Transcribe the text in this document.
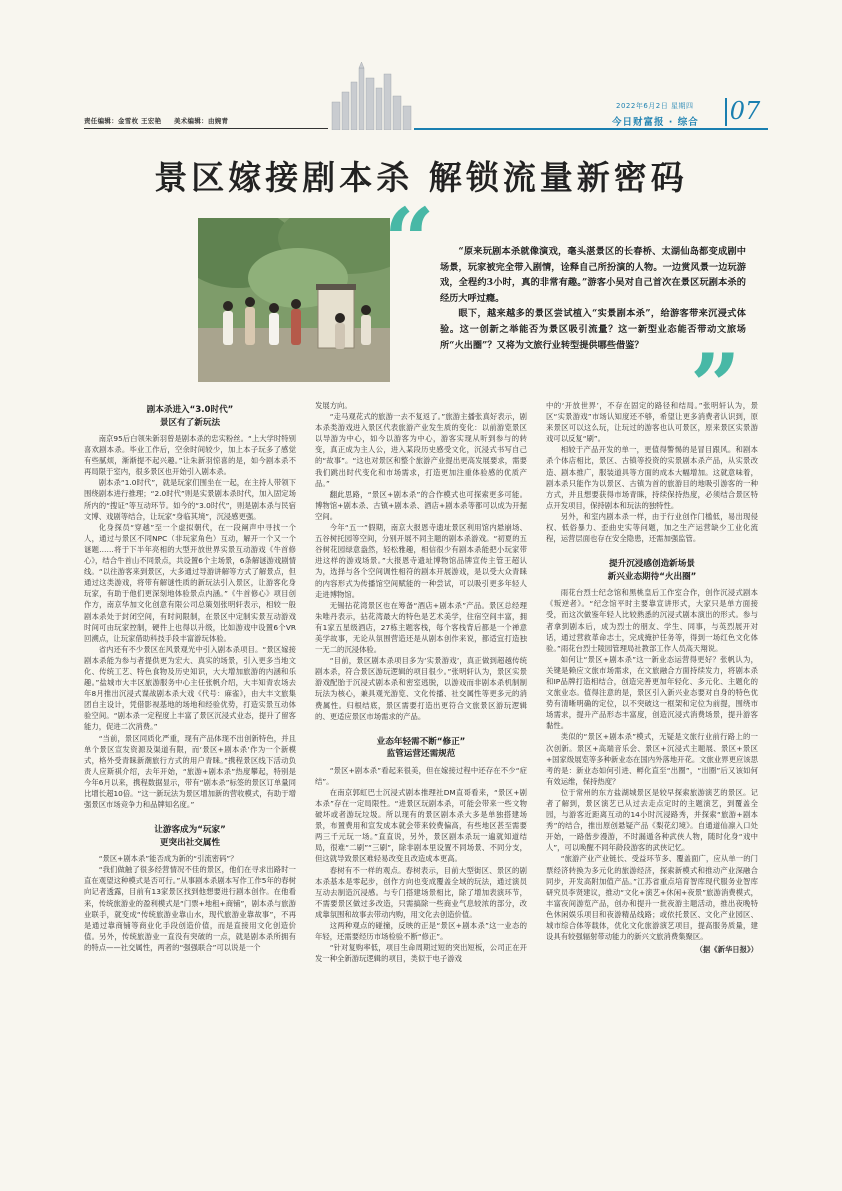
责任编辑：金雪枚 王宏艳 美术编辑：由婉青
2022年6月2日 星期四
今日财富报 · 综合 07
景区嫁接剧本杀 解锁流量新密码
“
”

“原来玩剧本杀就像演戏，毫头湛景区的长春桥、太湖仙岛都变成剧中场景，玩家被完全带入剧情，诠释自己所扮演的人物。一边赏风景一边玩游戏，全程约3小时，真的非常有趣。”游客小吴对自己首次在景区玩剧本杀的经历大呼过瘾。

眼下，越来越多的景区尝试植入“实景剧本杀”，给游客带来沉浸式体验。这一创新之举能否为景区吸引流量？这一新型业态能否带动文旅场所“火出圈”？又将为文旅行业转型提供哪些借鉴？

剧本杀进入“3.0时代”
景区有了新玩法

南京95后白领朱新羽曾是剧本杀的忠实粉丝。“上大学时特别喜欢剧本杀。毕业工作后，空余时间较少，加上本子玩多了感觉有些腻烦，渐渐提不起兴趣。”让朱新羽惊喜的是，如今剧本杀不再局限于室内，很多景区也开始引入剧本杀。

剧本杀“1.0时代”，就是玩家们围坐在一起，在主持人带领下围绕剧本进行推理；“2.0时代”则是实景剧本杀时代，加入固定场所内的“搜证”等互动环节。如今的“3.0时代”，则是剧本杀与民宿文博、戏剧等结合，让玩家“身临其境”，沉浸感更强。

化身探员“穿越”至一个虚拟朝代，在一段阐声中寻找一个人，通过与景区不同NPC（非玩家角色）互动，解开一个又一个谜题……将于下半年亮相的大型开放世界实景互动游戏《牛首修心》，结合牛首山不同景点，共设置6个主场景，6条解谜游戏剧情线。“以往游客来到景区，大多通过导游讲解等方式了解景点，但通过这类游戏，将带有解谜性质的新玩法引入景区，让游客化身玩家，有助于他们更深刻地体验景点内涵。”《牛首修心》项目创作方，南京华加文化创意有限公司总策划张明轩表示，相较一般剧本杀处于封闭空间，有时间限制，在景区中定制实景互动游戏时间可由玩家控制，硬件上也得以升级，比如游戏中设置6个VR回溯点，让玩家借助科技手段丰富游玩体验。

省内还有不少景区在风景观光中引入剧本杀项目。“景区嫁接剧本杀能为参与者提供更为宏大、真实的场景，引入更多当地文化、传统工艺、特色食物及历史知识，大大增加旅游的内涵和乐趣。”盐城市大丰区旅游服务中心主任张帆介绍，大丰知青农场去年8月推出沉浸式谍战剧本杀大戏《代号：麻雀》，由大丰文旅集团自主设计，凭借影视基地的场地和经验优势，打造实景互动体验空间。“剧本杀一定程度上丰富了景区沉浸式业态，提升了留客能力，促进二次消费。”

“当前，景区同质化严重，现有产品体现不出创新特色，并且单个景区宣发资源及渠道有限，而‘景区+剧本杀’作为一个新模式，格外受青睐新潮旅行方式的用户青睐。”携程景区线下活动负责人应斯祺介绍，去年开始，“旅游+剧本杀”热度攀起，特别是今年6月以来，携程数据显示，带有“剧本杀”标签的景区订单量同比增长超10倍。“这一新玩法为景区增加新的营收模式，有助于增强景区市场竞争力和品牌知名度。”

让游客成为“玩家”
更突出社交属性

“景区+剧本杀”能否成为新的“引流密码”？

“我们做触了很多经营情况不佳的景区，他们在寻求出路时一直在观望这种模式是否可行。”从事剧本杀剧本写作工作5年的春树向记者透露，目前有13家景区找到他想要进行剧本创作。在他看来，传统旅游业的盈利模式是“门票+地租+商铺”，剧本杀与旅游业联手，就变成“传统旅游业靠山水，现代旅游业靠故事”，不再是通过靠商铺等商业化手段创造价值，而是直接用文化创造价值。另外，传统旅游业一直没有突破的一点，就是剧本杀所拥有的特点——社交属性，两者的“强强联合”可以说是一个

发展方向。

“走马观花式的旅游一去不复返了。”旅游主播张真好表示，剧本杀类游戏进入景区代表旅游产业发生质的变化：以前游览景区以导游为中心，如今以游客为中心，游客实现从听到参与的转变，真正成为主人公，进入某段历史感受文化，沉浸式书写自己的“故事”。“这也对景区和整个旅游产业提出更高发展要求，需要我们跳出时代变化和市场需求，打造更加注重体验感的优质产品。”

翻此思路，“景区+剧本杀”的合作模式也可探索更多可能。博物馆+剧本杀、古镇+剧本杀、酒店+剧本杀等都可以成为开掘空间。

今年“五一”假期，南京大报恩寺遗址景区利用馆内悬崩场、五谷树托园等空间，分别开展不同主题的剧本杀游戏。“初夏的五谷树花园绿意盎然，轻松雅趣，相信很少有剧本杀能把小玩家带进这样的游戏场景。”大报恩寺遗址博物馆品牌宣传主管王超认为，选择与各个空间调性相符的剧本开展游戏，是以受大众青睐的内容形式为传播馆空间赋能的一种尝试，可以吸引更多年轻人走进博物馆。

无锡拈花湾景区也在筹备“酒店+剧本杀”产品。景区总经理朱唯丹表示，拈花湾最大的特色是艺术美学，住宿空间丰富，拥有1家五星级酒店，27栋主题客栈，每个客栈背后都是一个禅意美学故事，无论从氛围营造还是从剧本创作来说，都适宜打造独一无二的沉浸体验。

“目前，景区剧本杀项目多为‘实景游戏’，真正做到超越传统剧本杀，符合景区游玩逻辑的项目很少。”张明轩认为，景区实景游戏配胎于沉浸式剧本杀和密室逃脱，以游戏而非剧本杀机制制玩法为核心，兼具观光游览、文化传播、社交属性等更多元的消费属性。归根结底，景区需要打造出更符合文旅景区游玩逻辑的、更适应景区市场需求的产品。

业态年轻需不断“修正”
监管运营还需规范

“景区+剧本杀”看起来很美，但在嫁接过程中还存在不少“症结”。

在南京郭虹巴士沉浸式剧本推理社DM直哥看来，“景区+剧本杀”存在一定局限性。“进景区玩剧本杀，可能会带来一些文物破坏或者游玩垃圾。所以现有的景区剧本杀大多是单独搭建场景，布置费用和宣发成本就会带来较费偏高，有些地区甚至需要两三千元玩一场。”直直说，另外，景区剧本杀玩一遍就知道结局，很难“二刷”“三刷”，除非剧本里设置不同场景、不同分支，但这就导致景区难轻易改变且改造成本更高。

春树有不一样的观点。春树表示，目前大型街区、景区的剧本杀基本是零起步，创作方向也变成覆盖全域的玩法，通过演员互动去制造沉浸感。与专门搭建场景相比，除了增加表演环节，不需要景区做过多改造，只需搞除一些商业气息较浓的部分，改成靠氛围和故事去带动内购，用文化去创造价值。

这两种观点的碰撞，反映的正是“景区+剧本杀”这一业态的年轻，还需要经历市场检验不断“修正”。

“针对复购率低，项目生命周期过短的突出短板，公司正在开发一种全新游玩逻辑的项目，类似于电子游戏

中的‘开放世界’，不存在固定的路径和结局。”张明轩认为，景区“实景游戏”市场认知度还不够，希望让更多消费者认识到，原来景区可以这么玩，让玩过的游客也认可景区，原来景区实景游戏可以反复“刷”。

相较于产品开发的单一，更值得警惕的是冒目跟风。和剧本杀个体店相比，景区、古镇等投资的实景剧本杀产品，从实景改造、剧本推广，服装道具等方面的成本大幅增加。这就意味着，剧本杀只能作为以景区、古镇为首的旅游目的地吸引游客的一种方式，并且想要获得市场青睐，持续保持热度，必须结合景区特点开发项目，保持剧本和玩法的独特性。

另外，和室内剧本杀一样，由于行业创作门槛低，易出现侵权、低俗暴力、歪曲史实等问题，加之生产运营缺少工业化流程，运营层面也存在安全隐患，还需加强监管。

提升沉浸感创造新场景
新兴业态期待“火出圈”

雨花台烈士纪念馆和黑桃皇后工作室合作，创作沉浸式剧本《叛逆者》。“纪念馆平时主要靠宣讲形式，大家只是单方面接受，而这次做鉴年轻人比较熟悉的沉浸式剧本演出的形式。参与者拿到剧本后，成为烈士的朋友、学生、同事，与英烈展开对话，通过营救革命志士，完成掩护任务等，得到一场红色文化体验。”雨花台烈士陵园管理局社教部工作人员高天翔说。

如何让“景区+剧本杀”这一新业态运营得更好？张帆认为，关键是赖应文旅市场需求，在文旅融合方面持续发力，将剧本杀和IP品牌打造相结合，创造完善更加年轻化、多元化、主题化的文旅业态。值得注意的是，景区引入新兴业态要对自身的特色优势有清晰明确的定位，以不突破这一框架和定位为前提，围绕市场需求，提升产品形态丰富度，创造沉浸式消费场景，提升游客黏性。

类似的“景区+剧本杀”模式，无疑是文旅行业前行路上的一次创新。景区+高端音乐会、景区+沉浸式主题展、景区+景区+国家级展览等多种新业态在国内外落地开花。文旅业界更应该思考的是：新业态如何引进、孵化直至“出圈”，“出圈”后又该如何有效运维，保持热度？

位于常州的东方盐湖城景区是较早探索旅游演艺的景区。记者了解到，景区演艺已从过去走点定时的主题演艺，到覆盖全园，与游客近距离互动的14小时沉浸路秀，并探索“旅游+剧本秀”的结合，推出原创悬疑产品《梨花幻境》。自通道仙凛入口处开始，一路偕步漫游，不时漏遁各种武侠人物，随时化身“戏中人”，可以唤醒不同年龄段游客的武侠记忆。

“旅游产业产业链长、受益环节多、覆盖面广，应从单一的门票经济转换为多元化的旅游经济，探索新模式和推动产业深融合同步，开发高附加值产品。”江苏省重点培育智库现代服务业智库研究员李贤建议，推动“文化+演艺+休闲+夜景”旅游消费模式，丰富夜间游览产品，创办和提升一批夜游主题活动，推出夜晚特色休闲娱乐项目和夜游精品线路；或依托景区、文化产业园区、城市综合体等载体，优化文化旅游演艺项目，提高服务质量，建设具有较强辐射带动能力的新兴文旅消费集聚区。

（据《新华日报》）
